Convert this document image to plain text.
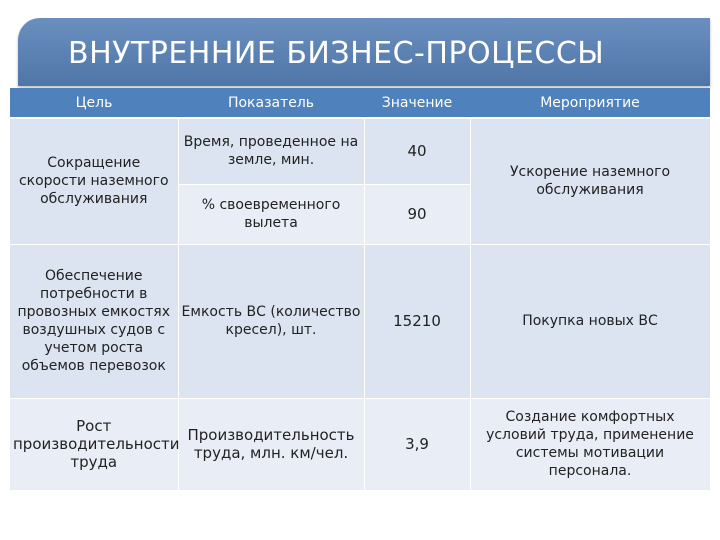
ВНУТРЕННИЕ БИЗНЕС-ПРОЦЕССЫ
Цель	Показатель	Значение	Мероприятие
Сокращение скорости наземного обслуживания	Время, проведенное на земле, мин.	40	Ускорение наземного обслуживания
	% своевременного вылета	90	
Обеспечение потребности в провозных емкостях воздушных судов с учетом роста объемов перевозок	Емкость ВС (количество кресел), шт.	15210	Покупка новых ВС
Рост производительности труда	Производительность труда, млн. км/чел.	3,9	Создание комфортных условий труда, применение системы мотивации персонала.
